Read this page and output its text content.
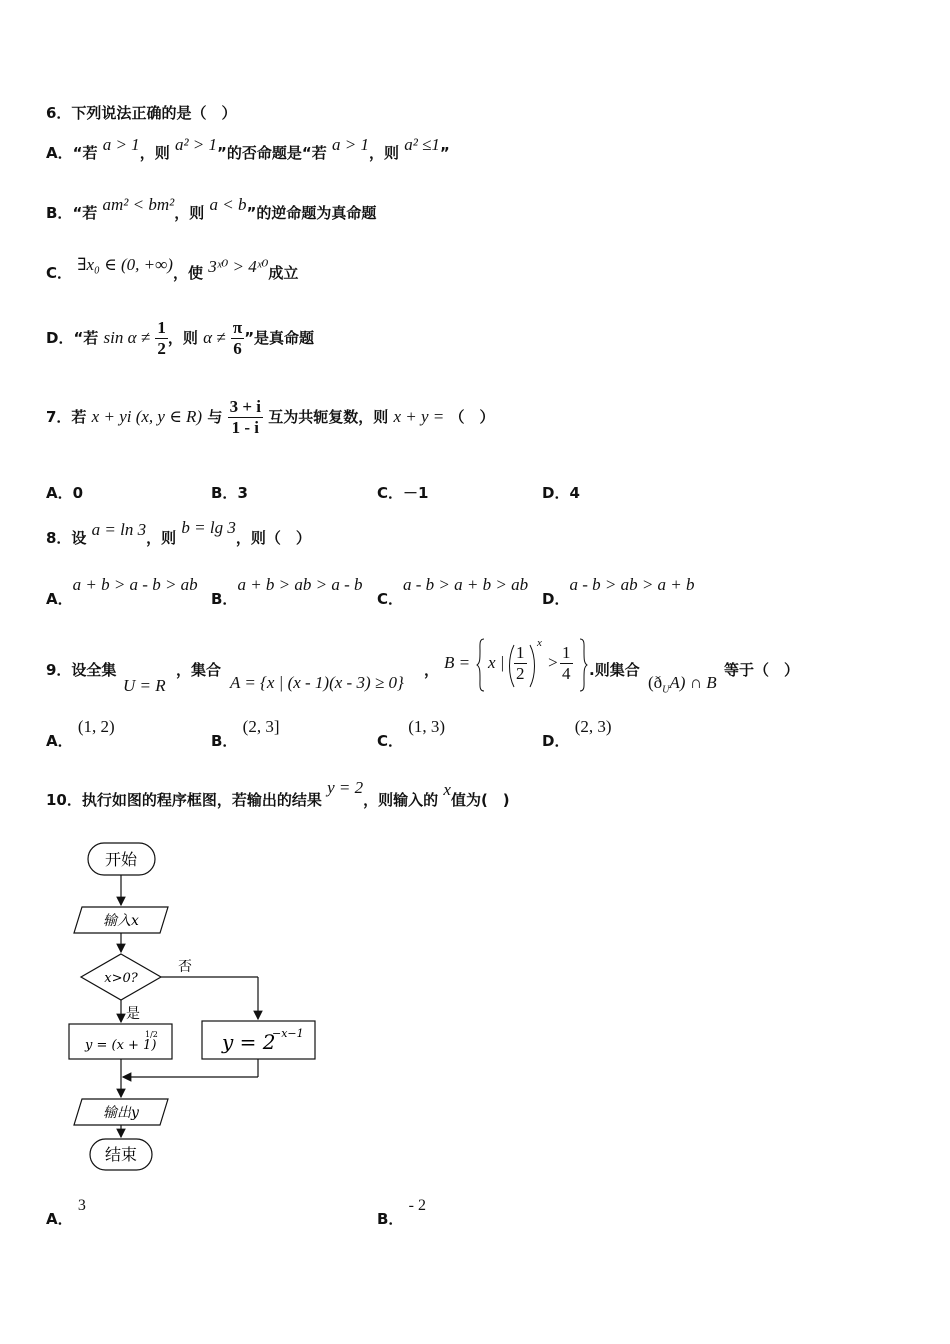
6．下列说法正确的是（　）
A．“若 a > 1，则 a² > 1”的否命题是“若 a > 1，则 a² ≤1”
B．“若 am² < bm²，则 a < b”的逆命题为真命题
C． ∃x₀ ∈ (0, +∞)，使 3ˣ⁰ > 4ˣ⁰成立
D．“若 $\sin \alpha \ne \frac{1}{2}$ ，则 $\alpha \ne \frac{\pi}{6}$ ”是真命题
7．若 x + yi (x, y ∈ R) 与 $\frac{3 + i}{1 - i}$ 互为共轭复数，则 x + y = （　）
A．0	B．3	C．－1	D．4
8．设 a = ln 3，则 b = lg 3，则（　）
A．a + b > a - b > ab
B．a + b > ab > a - b
C．a - b > a + b > ab
D．a - b > ab > a + b
9．设全集
U = R
，集合
A = {x | (x - 1)(x - 3) ≥ 0}
， B = x | $\frac{1}{2}$ x
> $\frac{1}{4}$ .则集合
$(ð_UA)$ ∩ B
等于（　）
A． (1, 2)
B． (2, 3]
C． (1, 3)
D． (2, 3)
10．执行如图的程序框图，若输出的结果 y = 2，则输入的 x值为(　)
开始
输入x
x>0?
否
是
y = (x + 1)
1/2	y = 2
−x−1
输出y
结束
A． 3
B． - 2
